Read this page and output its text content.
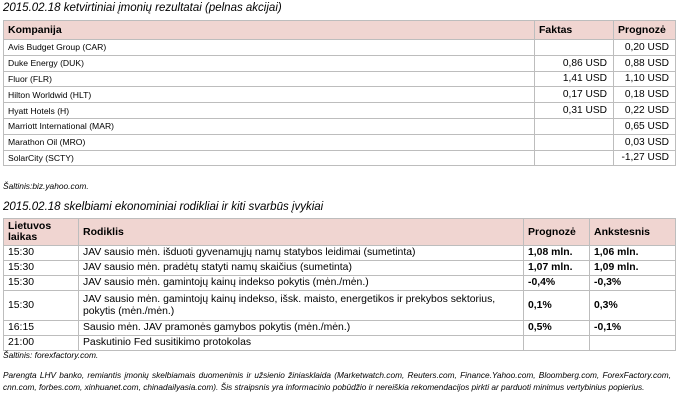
2015.02.18 ketvirtiniai įmonių rezultatai (pelnas akcijai)
Kompanija	Faktas	Prognozė
Avis Budget Group (CAR)		0,20 USD
Duke Energy (DUK)	0,86 USD	0,88 USD
Fluor (FLR)	1,41 USD	1,10 USD
Hilton Worldwid (HLT)	0,17 USD	0,18 USD
Hyatt Hotels (H)	0,31 USD	0,22 USD
Marriott International (MAR)		0,65 USD
Marathon Oil (MRO)		0,03 USD
SolarCity (SCTY)		-1,27 USD
Šaltinis:biz.yahoo.com.
2015.02.18 skelbiami ekonominiai rodikliai ir kiti svarbūs įvykiai
Lietuvos laikas	Rodiklis	Prognozė	Ankstesnis
15:30	JAV sausio mėn. išduoti gyvenamųjų namų statybos leidimai (sumetinta)	1,08 mln.	1,06 mln.
15:30	JAV sausio mėn. pradėtų statyti namų skaičius (sumetinta)	1,07 mln.	1,09 mln.
15:30	JAV sausio mėn. gamintojų kainų indekso pokytis (mėn./mėn.)	-0,4%	-0,3%
15:30	JAV sausio mėn. gamintojų kainų indekso, išsk. maisto, energetikos ir prekybos sektorius, pokytis (mėn./mėn.)	0,1%	0,3%
16:15	Sausio mėn. JAV pramonės gamybos pokytis (mėn./mėn.)	0,5%	-0,1%
21:00	Paskutinio Fed susitikimo protokolas		
Šaltinis: forexfactory.com.
Parengta LHV banko, remiantis įmonių skelbiamais duomenimis ir užsienio žiniasklaida (Marketwatch.com, Reuters.com, Finance.Yahoo.com, Bloomberg.com, ForexFactory.com, cnn.com, forbes.com, xinhuanet.com, chinadailyasia.com). Šis straipsnis yra informacinio pobūdžio ir nereiškia rekomendacijos pirkti ar parduoti minimus vertybinius popierius.
